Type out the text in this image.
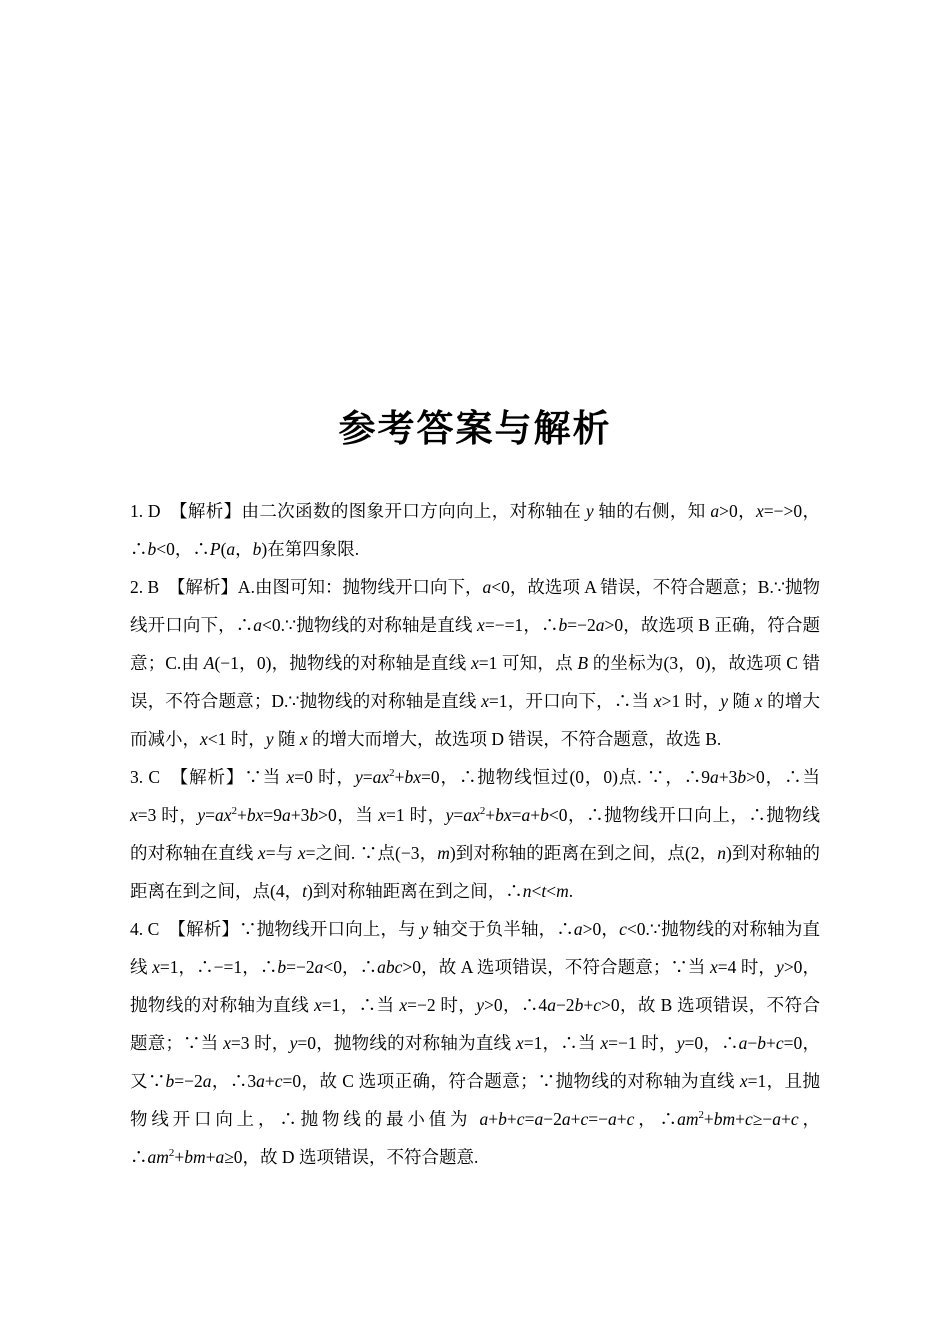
参考答案与解析

1. D　【解析】由二次函数的图象开口方向向上，对称轴在 y 轴的右侧，知 a>0，x=−>0，∴b<0，∴P(a，b)在第四象限.

2. B　【解析】A.由图可知：抛物线开口向下，a<0，故选项 A 错误，不符合题意；B.∵抛物线开口向下，∴a<0.∵抛物线的对称轴是直线 x=−=1，∴b=−2a>0，故选项 B 正确，符合题意；C.由 A(−1，0)，抛物线的对称轴是直线 x=1 可知，点 B 的坐标为(3，0)，故选项 C 错误，不符合题意；D.∵抛物线的对称轴是直线 x=1，开口向下，∴当 x>1 时，y 随 x 的增大而减小，x<1 时，y 随 x 的增大而增大，故选项 D 错误，不符合题意，故选 B.

3. C　【解析】∵当 x=0 时，$y=ax^2+bx=0$，∴抛物线恒过(0，0)点. ∵，∴9a+3b>0，∴当 x=3 时，$y=ax^2+bx=9a+3b>0$，当 x=1 时，$y=ax^2+bx=a+b<0$，∴抛物线开口向上，∴抛物线的对称轴在直线 x=与 x=之间. ∵点(−3，m)到对称轴的距离在到之间，点(2，n)到对称轴的距离在到之间，点(4，t)到对称轴距离在到之间，∴n<t<m.

4. C　【解析】∵抛物线开口向上，与 y 轴交于负半轴，∴a>0，c<0.∵抛物线的对称轴为直线 x=1，∴−=1，∴b=−2a<0，∴abc>0，故 A 选项错误，不符合题意；∵当 x=4 时，y>0，抛物线的对称轴为直线 x=1，∴当 x=−2 时，y>0，∴4a−2b+c>0，故 B 选项错误，不符合题意；∵当 x=3 时，y=0，抛物线的对称轴为直线 x=1，∴当 x=−1 时，y=0，∴a−b+c=0，又∵b=−2a，∴3a+c=0，故 C 选项正确，符合题意；∵抛物线的对称轴为直线 x=1，且抛物线开口向上，∴抛物线的最小值为 a+b+c=a−2a+c=−a+c，$\therefore am^2+bm+c\ge-a+c$，$\therefore am^2+bm+a\ge 0$，故 D 选项错误，不符合题意.
